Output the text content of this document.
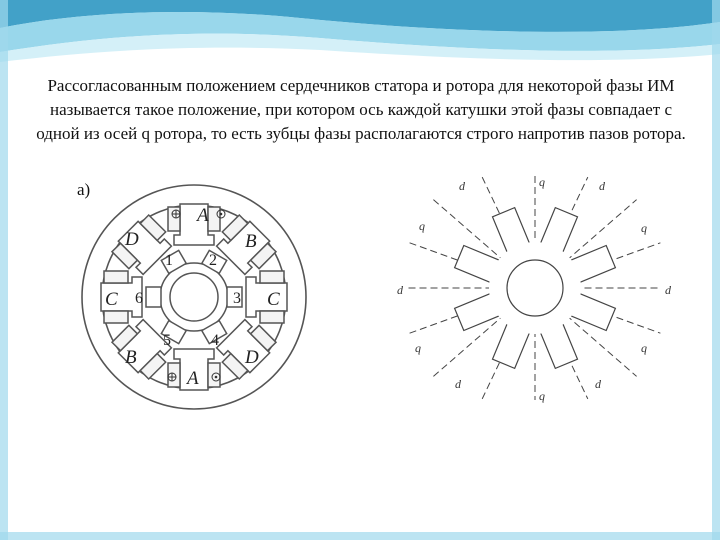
Рассогласованным положением сердечников статора и ротора для некоторой фазы ИМ называется такое положение, при котором ось каждой катушки этой фазы совпадает с одной из осей q ротора, то есть зубцы фазы располагаются строго напротив пазов ротора.

а)
A
D	B
C	C
A
B	D
1 2
3
4
5
6
q
d	d
q	q
d	d
q	q
d	d
q
